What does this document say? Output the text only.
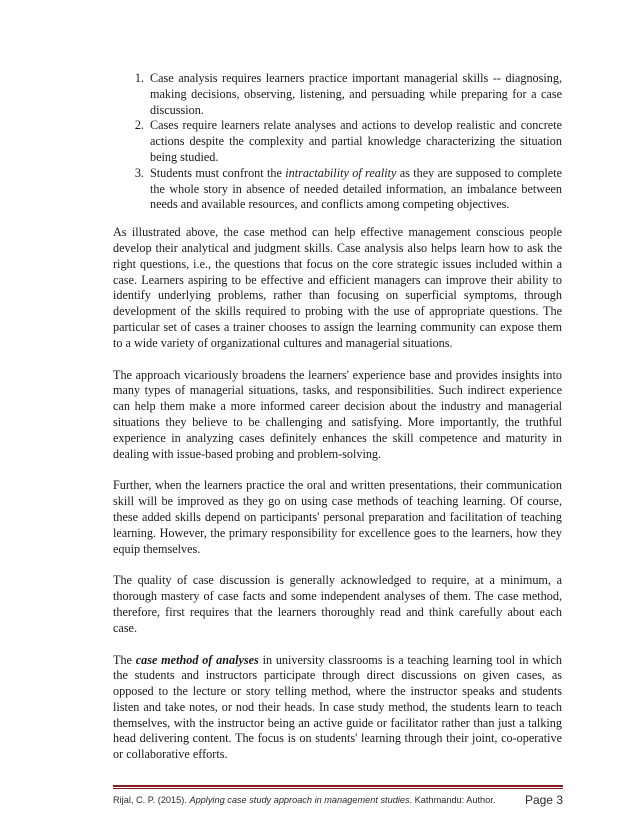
1. Case analysis requires learners practice important managerial skills -- diagnosing, making decisions, observing, listening, and persuading while preparing for a case discussion.
2. Cases require learners relate analyses and actions to develop realistic and concrete actions despite the complexity and partial knowledge characterizing the situation being studied.
3. Students must confront the intractability of reality as they are supposed to complete the whole story in absence of needed detailed information, an imbalance between needs and available resources, and conflicts among competing objectives.

As illustrated above, the case method can help effective management conscious people develop their analytical and judgment skills. Case analysis also helps learn how to ask the right questions, i.e., the questions that focus on the core strategic issues included within a case. Learners aspiring to be effective and efficient managers can improve their ability to identify underlying problems, rather than focusing on superficial symptoms, through development of the skills required to probing with the use of appropriate questions. The particular set of cases a trainer chooses to assign the learning community can expose them to a wide variety of organizational cultures and managerial situations.

The approach vicariously broadens the learners' experience base and provides insights into many types of managerial situations, tasks, and responsibilities. Such indirect experience can help them make a more informed career decision about the industry and managerial situations they believe to be challenging and satisfying. More importantly, the truthful experience in analyzing cases definitely enhances the skill competence and maturity in dealing with issue-based probing and problem-solving.

Further, when the learners practice the oral and written presentations, their communication skill will be improved as they go on using case methods of teaching learning. Of course, these added skills depend on participants' personal preparation and facilitation of teaching learning. However, the primary responsibility for excellence goes to the learners, how they equip themselves.

The quality of case discussion is generally acknowledged to require, at a minimum, a thorough mastery of case facts and some independent analyses of them. The case method, therefore, first requires that the learners thoroughly read and think carefully about each case.

The case method of analyses in university classrooms is a teaching learning tool in which the students and instructors participate through direct discussions on given cases, as opposed to the lecture or story telling method, where the instructor speaks and students listen and take notes, or nod their heads. In case study method, the students learn to teach themselves, with the instructor being an active guide or facilitator rather than just a talking head delivering content. The focus is on students' learning through their joint, co-operative or collaborative efforts.

Rijal, C. P. (2015). Applying case study approach in management studies. Kathmandu: Author. Page 3
